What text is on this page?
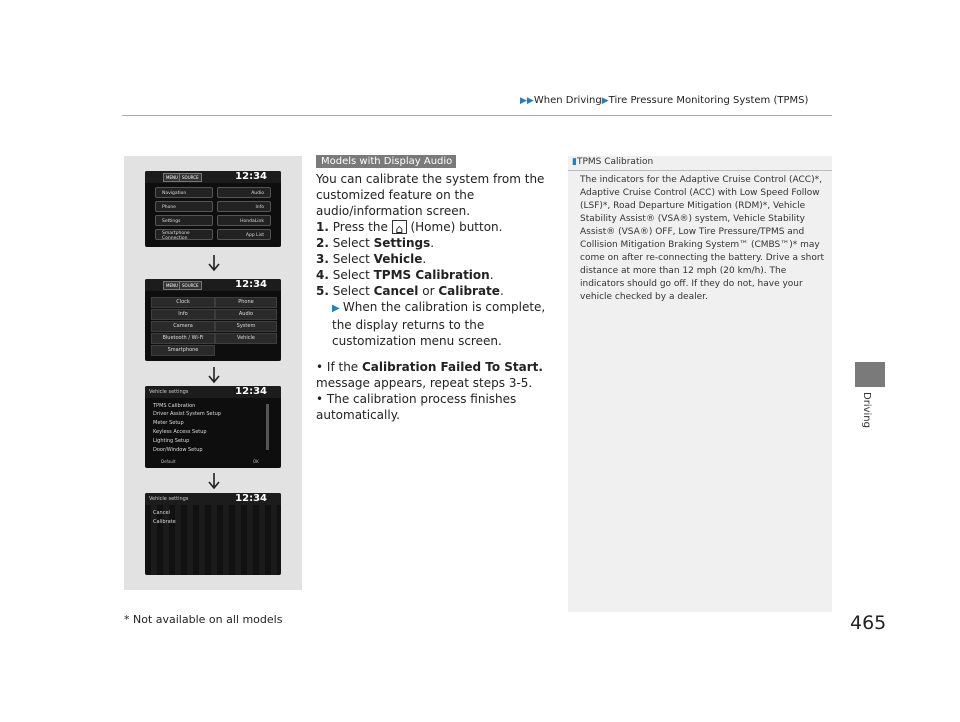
▶▶When Driving▶Tire Pressure Monitoring System (TPMS)
Driving
MENU	SOURCE	12:34
Navigation
Phone
Settings
Smartphone Connection
Audio
Info
HondaLink
App List
MENU	SOURCE	12:34
Clock
Info
Camera
Bluetooth / Wi-Fi
Smartphone
Phone
Audio
System
Vehicle
Vehicle settings	12:34
TPMS Calibration
Driver Assist System Setup
Meter Setup
Keyless Access Setup
Lighting Setup
Door/Window Setup
Default	OK
Vehicle settings	12:34
Cancel
Calibrate
Models with Display Audio

You can calibrate the system from the customized feature on the audio/information screen.

1. Press the ⌂ (Home) button.

2. Select Settings.

3. Select Vehicle.

4. Select TPMS Calibration.

5. Select Cancel or Calibrate.

▶ When the calibration is complete, the display returns to the customization menu screen.

• If the Calibration Failed To Start. message appears, repeat steps 3-5.

• The calibration process finishes automatically.

▮TPMS Calibration
The indicators for the Adaptive Cruise Control (ACC)*, Adaptive Cruise Control (ACC) with Low Speed Follow (LSF)*, Road Departure Mitigation (RDM)*, Vehicle Stability Assist® (VSA®) system, Vehicle Stability Assist® (VSA®) OFF, Low Tire Pressure/TPMS and Collision Mitigation Braking System™ (CMBS™)* may come on after re-connecting the battery. Drive a short distance at more than 12 mph (20 km/h). The indicators should go off. If they do not, have your vehicle checked by a dealer.
* Not available on all models	465
